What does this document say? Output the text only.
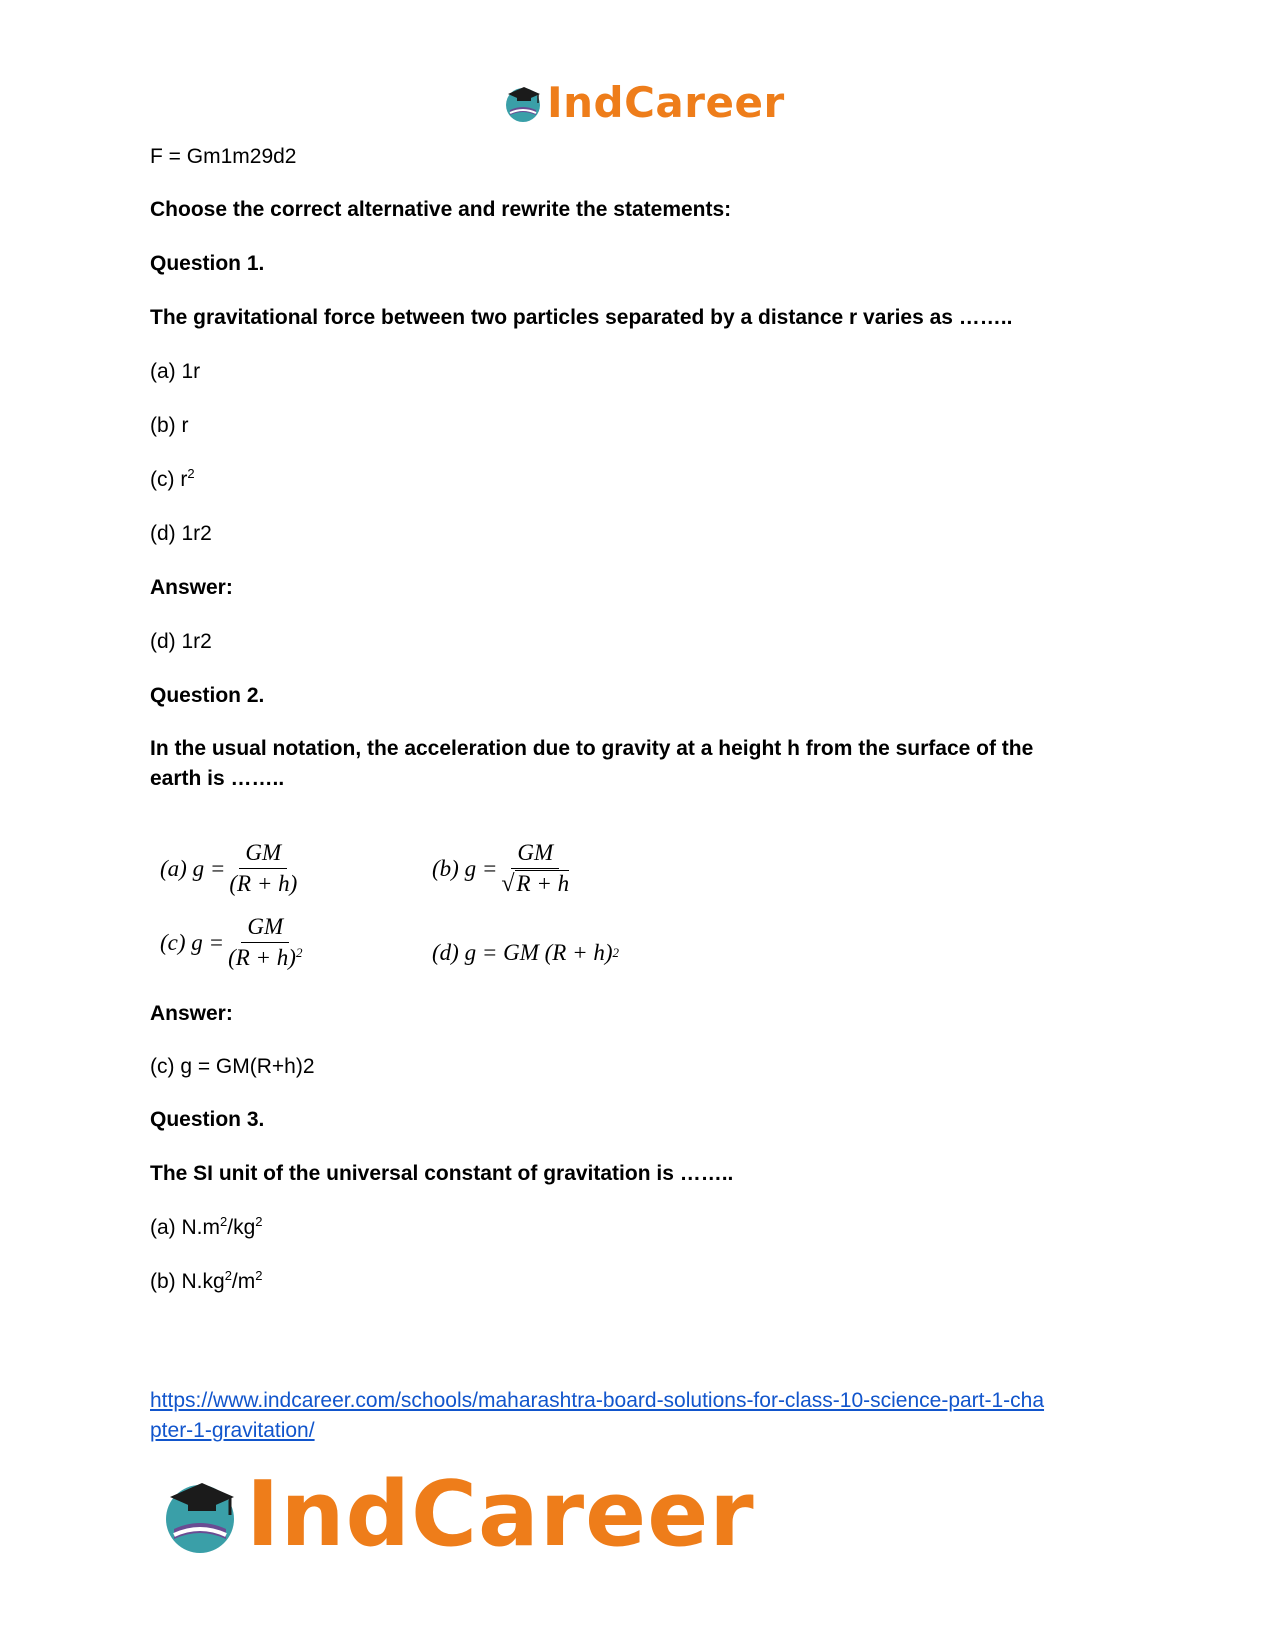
IndCareer
F = Gm1m29d2
Choose the correct alternative and rewrite the statements:
Question 1.
The gravitational force between two particles separated by a distance r varies as ……..
(a) 1r
(b) r
(c) $r^2$
(d) 1r2
Answer:
(d) 1r2
Question 2.
In the usual notation, the acceleration due to gravity at a height h from the surface of the
earth is ……..
(a)
$g = \frac{GM}{(R + h)}$	(b)
$g = \frac{GM}{√R + h}$
(c)
$g = \frac{GM}{(R + h)^2}$	(d)
g = GM (R + h) 2
Answer:
(c) g = GM(R+h)2
Question 3.
The SI unit of the universal constant of gravitation is ……..
(a) $N.m^2/kg^2$
(b) $N.kg^2/m^2$
https://www.indcareer.com/schools/maharashtra-board-solutions-for-class-10-science-part-1-cha
pter-1-gravitation/
IndCareer
